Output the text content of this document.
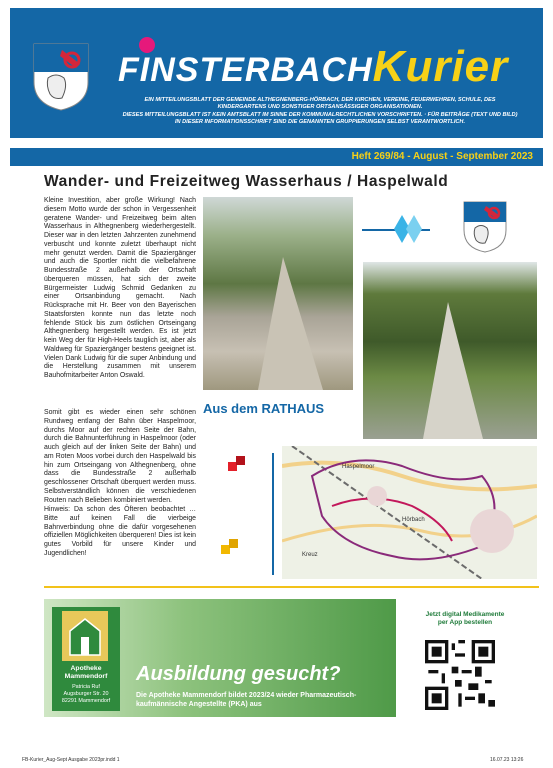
FINSTERBACHKurier
EIN MITTEILUNGSBLATT DER GEMEINDE ALTHEGNENBERG-HÖRBACH, DER KIRCHEN, VEREINE, FEUERWEHREN, SCHULE, DES KINDERGARTENS UND SONSTIGER ORTSANSÄSSIGER ORGANISATIONEN.
DIESES MITTEILUNGSBLATT IST KEIN AMTSBLATT IM SINNE DER KOMMUNALRECHTLICHEN VORSCHRIFTEN. · FÜR BEITRÄGE (TEXT UND BILD) IN DIESER INFORMATIONSSCHRIFT SIND DIE GENANNTEN GRUPPIERUNGEN SELBST VERANTWORTLICH.
Heft 269/84 - August - September 2023
Wander- und Freizeitweg Wasserhaus / Haspelwald
Kleine Investition, aber große Wirkung! Nach diesem Motto wurde der schon in Vergessenheit geratene Wander- und Freizeitweg beim alten Wasserhaus in Althegnenberg wiederhergestellt. Dieser war in den letzten Jahrzenten zunehmend verbuscht und konnte zuletzt überhaupt nicht mehr genutzt werden. Damit die Spaziergänger und auch die Sportler nicht die vielbefahrene Bundesstraße 2 außerhalb der Ortschaft überqueren müssen, hat sich der zweite Bürgermeister Ludwig Schmid Gedanken zu einer Ortsanbindung gemacht. Nach Rücksprache mit Hr. Beer von den Bayerischen Staatsforsten konnte nun das letzte noch fehlende Stück bis zum östlichen Ortseingang Althegnenberg hergestellt werden. Es ist jetzt kein Weg der für High-Heels tauglich ist, aber als Waldweg für Spaziergänger bestens geeignet ist. Vielen Dank Ludwig für die super Anbindung und die Herstellung zusammen mit unserem Bauhofmitarbeiter Anton Oswald.
Somit gibt es wieder einen sehr schönen Rundweg entlang der Bahn über Haspelmoor, durchs Moor auf der rechten Seite der Bahn, durch die Bahnunterführung in Haspelmoor (oder auch gleich auf der linken Seite der Bahn) und am Roten Moos vorbei durch den Haspelwald bis hin zum Ortseingang von Althegnenberg, ohne dass die Bundesstraße 2 außerhalb geschlossener Ortschaft überquert werden muss. Selbstverständlich können die verschiedenen Routen nach Belieben kombiniert werden.
Hinweis: Da schon des Öfteren beobachtet … Bitte auf keinen Fall die vierbeige Bahnverbindung ohne die dafür vorgesehenen offiziellen Möglichkeiten überqueren! Dies ist kein gutes Vorbild für unsere Kinder und Jugendlichen!
Aus dem RATHAUS
Haspelmoor
Hörbach
Kreuz
Apotheke Mammendorf
Patricia Ruf
Augsburger Str. 20
82291 Mammendorf
Ausbildung gesucht?
Die Apotheke Mammendorf bildet 2023/24 wieder Pharmazeutisch-kaufmännische Angestellte (PKA) aus
Jetzt digital Medikamente per App bestellen
FB-Kurier_Aug-Sept Ausgabe 2023pr.indd 1	16.07.23 13:26
